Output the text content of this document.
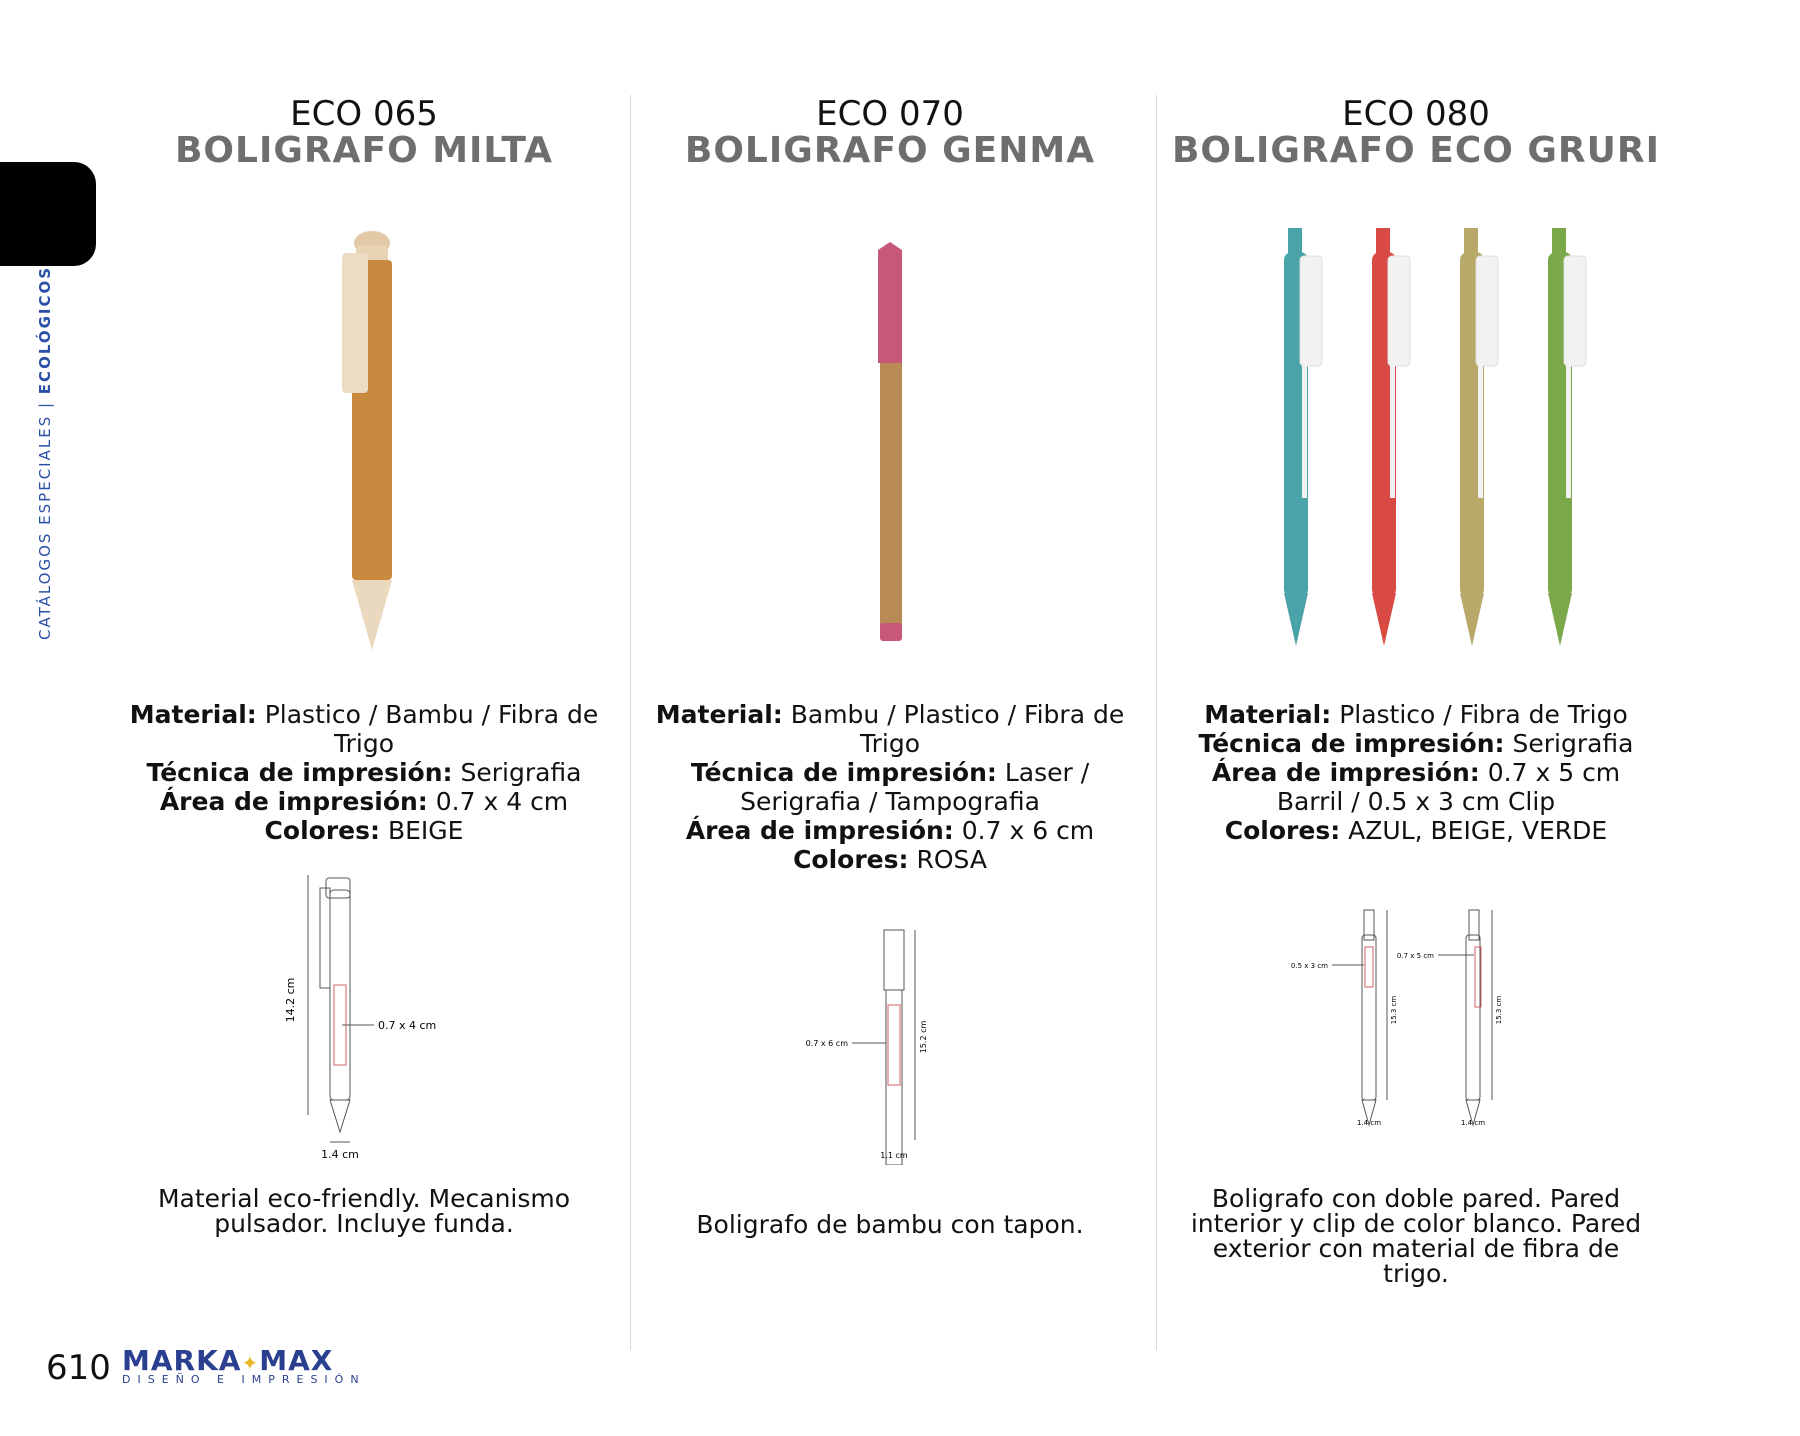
CATÁLOGOS ESPECIALES | ECOLÓGICOS
ECO 065
BOLIGRAFO MILTA
Material: Plastico / Bambu / Fibra de Trigo
Técnica de impresión: Serigrafia
Área de impresión: 0.7 x 4 cm
Colores: BEIGE
14.2 cm
0.7 x 4 cm
1.4 cm
Material eco-friendly. Mecanismo pulsador. Incluye funda.
ECO 070
BOLIGRAFO GENMA
Material: Bambu / Plastico / Fibra de Trigo
Técnica de impresión: Laser / Serigrafia / Tampografia
Área de impresión: 0.7 x 6 cm
Colores: ROSA
15.2 cm
0.7 x 6 cm
1.1 cm
Boligrafo de bambu con tapon.
ECO 080
BOLIGRAFO ECO GRURI
Material: Plastico / Fibra de Trigo
Técnica de impresión: Serigrafia
Área de impresión: 0.7 x 5 cm
Barril / 0.5 x 3 cm Clip
Colores: AZUL, BEIGE, VERDE
0.5 x 3 cm
15.3 cm
1.4 cm
0.7 x 5 cm
15.3 cm
1.4 cm
Boligrafo con doble pared. Pared interior y clip de color blanco. Pared exterior con material de fibra de trigo.
610 MARKA✦MAX
DISEÑO E IMPRESIÓN
